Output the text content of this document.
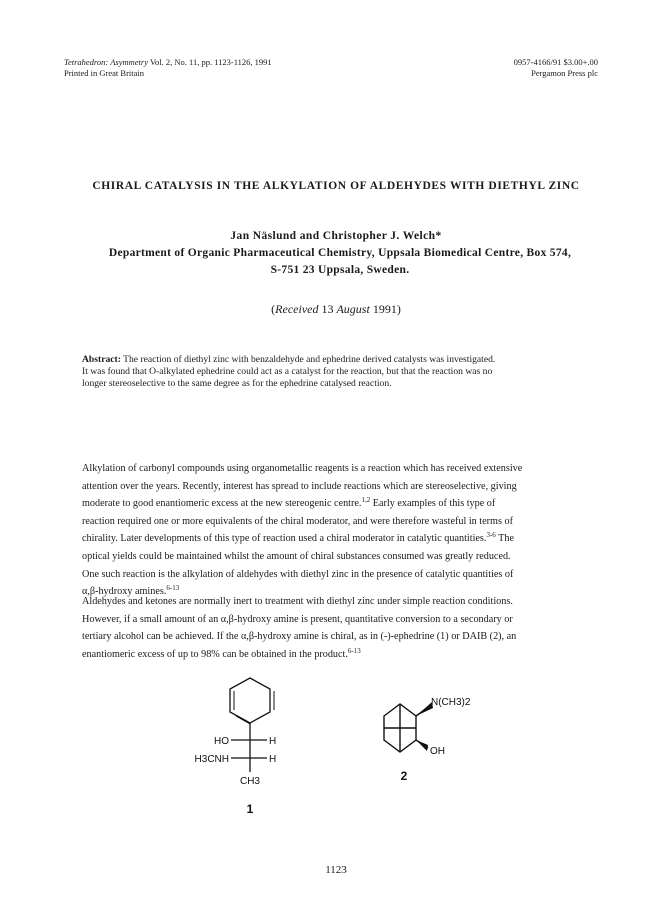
Tetrahedron: Asymmetry Vol. 2, No. 11, pp. 1123-1126, 1991
Printed in Great Britain
0957-4166/91 $3.00+.00
Pergamon Press plc
CHIRAL CATALYSIS IN THE ALKYLATION OF ALDEHYDES WITH DIETHYL ZINC
Jan Näslund and Christopher J. Welch*
Department of Organic Pharmaceutical Chemistry, Uppsala Biomedical Centre, Box 574,
S-751 23 Uppsala, Sweden.
(Received 13 August 1991)
Abstract: The reaction of diethyl zinc with benzaldehyde and ephedrine derived catalysts was investigated.
It was found that O-alkylated ephedrine could act as a catalyst for the reaction, but that the reaction was no
longer stereoselective to the same degree as for the ephedrine catalysed reaction.
Alkylation of carbonyl compounds using organometallic reagents is a reaction which has received extensive
attention over the years. Recently, interest has spread to include reactions which are stereoselective, giving
moderate to good enantiomeric excess at the new stereogenic centre.$^{1,2}$ Early examples of this type of
reaction required one or more equivalents of the chiral moderator, and were therefore wasteful in terms of
chirality. Later developments of this type of reaction used a chiral moderator in catalytic quantities.$^{3-6}$ The
optical yields could be maintained whilst the amount of chiral substances consumed was greatly reduced.
One such reaction is the alkylation of aldehydes with diethyl zinc in the presence of catalytic quantities of
α,β-hydroxy amines.$^{6-13}$
Aldehydes and ketones are normally inert to treatment with diethyl zinc under simple reaction conditions.
However, if a small amount of an α,β-hydroxy amine is present, quantitative conversion to a secondary or
tertiary alcohol can be achieved. If the α,β-hydroxy amine is chiral, as in (-)-ephedrine (1) or DAIB (2), an
enantiomeric excess of up to 98% can be obtained in the product.$^{6-13}$
HO	H
H3CNH	H
CH3
1
N(CH3)2
OH
2
1123
